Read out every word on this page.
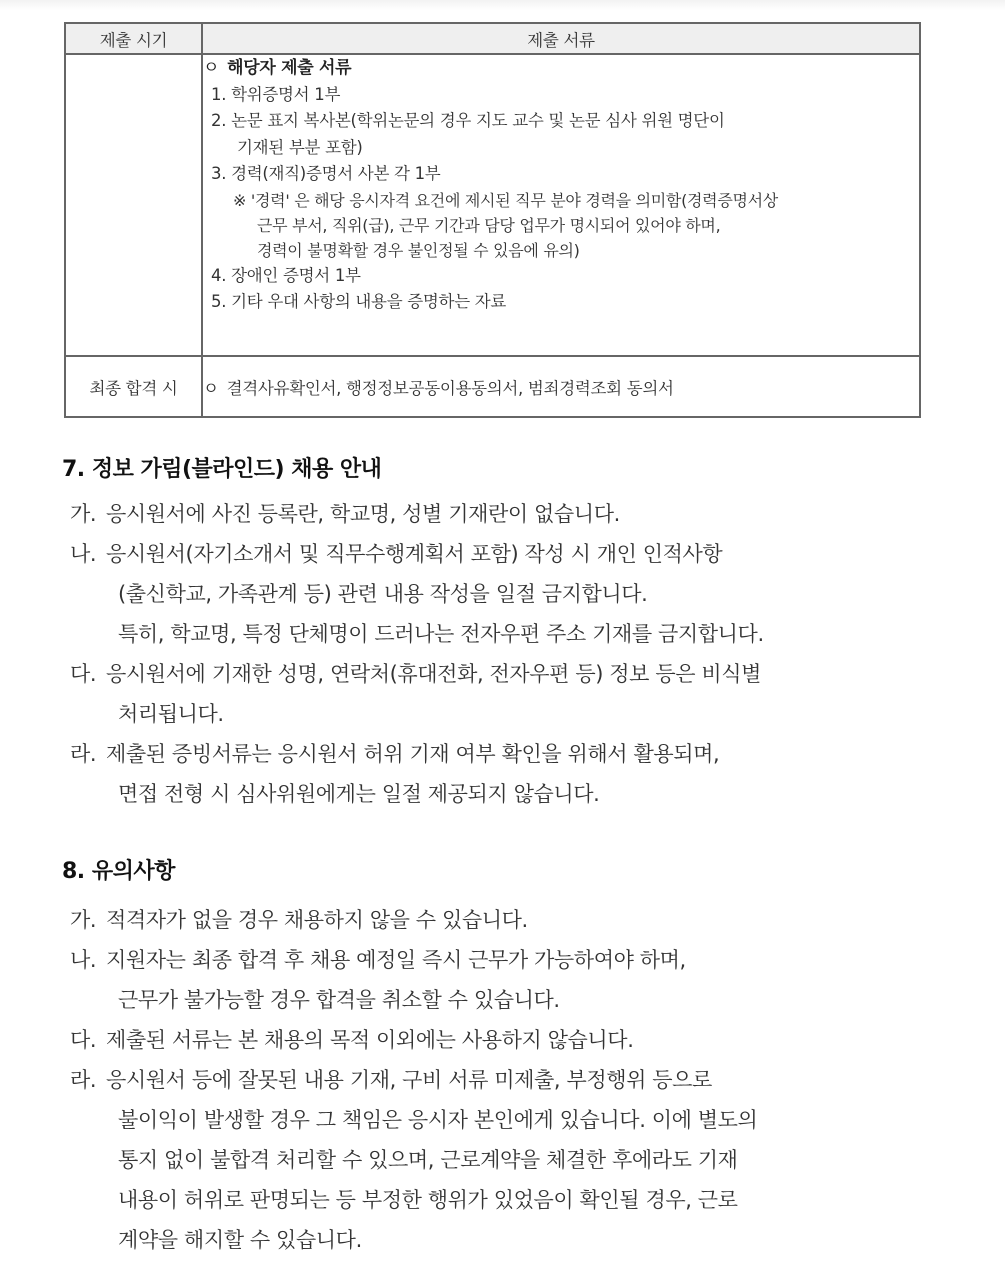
제출 시기	제출 서류

ㅇ 해당자 제출 서류
1. 학위증명서 1부
2. 논문 표지 복사본(학위논문의 경우 지도 교수 및 논문 심사 위원 명단이
기재된 부분 포함)
3. 경력(재직)증명서 사본 각 1부
※ '경력' 은 해당 응시자격 요건에 제시된 직무 분야 경력을 의미함(경력증명서상
근무 부서, 직위(급), 근무 기간과 담당 업무가 명시되어 있어야 하며,
경력이 불명확할 경우 불인정될 수 있음에 유의)
4. 장애인 증명서 1부
5. 기타 우대 사항의 내용을 증명하는 자료

최종 합격 시	ㅇ 결격사유확인서, 행정정보공동이용동의서, 범죄경력조회 동의서
7. 정보 가림(블라인드) 채용 안내
가. 응시원서에 사진 등록란, 학교명, 성별 기재란이 없습니다.
나. 응시원서(자기소개서 및 직무수행계획서 포함) 작성 시 개인 인적사항
(출신학교, 가족관계 등) 관련 내용 작성을 일절 금지합니다.
특히, 학교명, 특정 단체명이 드러나는 전자우편 주소 기재를 금지합니다.
다. 응시원서에 기재한 성명, 연락처(휴대전화, 전자우편 등) 정보 등은 비식별
처리됩니다.
라. 제출된 증빙서류는 응시원서 허위 기재 여부 확인을 위해서 활용되며,
면접 전형 시 심사위원에게는 일절 제공되지 않습니다.
8. 유의사항
가. 적격자가 없을 경우 채용하지 않을 수 있습니다.
나. 지원자는 최종 합격 후 채용 예정일 즉시 근무가 가능하여야 하며,
근무가 불가능할 경우 합격을 취소할 수 있습니다.
다. 제출된 서류는 본 채용의 목적 이외에는 사용하지 않습니다.
라. 응시원서 등에 잘못된 내용 기재, 구비 서류 미제출, 부정행위 등으로
불이익이 발생할 경우 그 책임은 응시자 본인에게 있습니다. 이에 별도의
통지 없이 불합격 처리할 수 있으며, 근로계약을 체결한 후에라도 기재
내용이 허위로 판명되는 등 부정한 행위가 있었음이 확인될 경우, 근로
계약을 해지할 수 있습니다.
